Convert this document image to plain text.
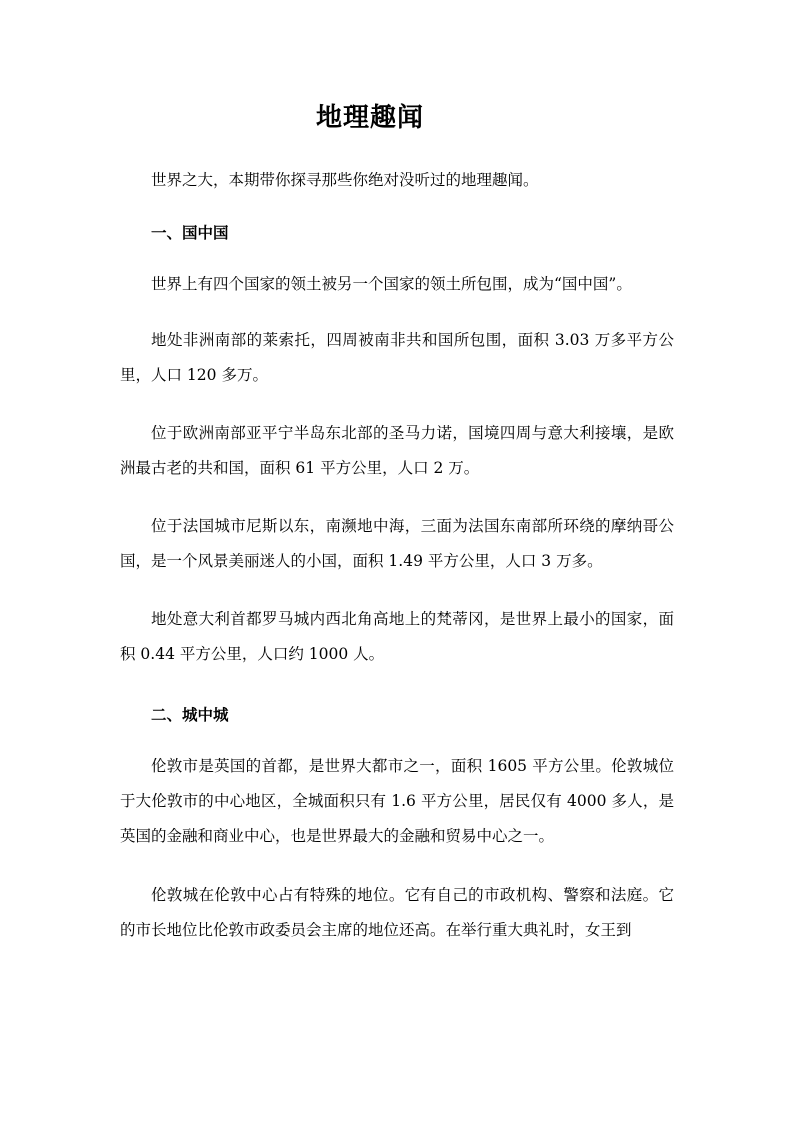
地理趣闻

世界之大，本期带你探寻那些你绝对没听过的地理趣闻。

一、国中国

世界上有四个国家的领土被另一个国家的领土所包围，成为“国中国”。

地处非洲南部的莱索托，四周被南非共和国所包围，面积 3.03 万多平方公里，人口 120 多万。

位于欧洲南部亚平宁半岛东北部的圣马力诺，国境四周与意大利接壤，是欧洲最古老的共和国，面积 61 平方公里，人口 2 万。

位于法国城市尼斯以东，南濒地中海，三面为法国东南部所环绕的摩纳哥公国，是一个风景美丽迷人的小国，面积 1.49 平方公里，人口 3 万多。

地处意大利首都罗马城内西北角高地上的梵蒂冈，是世界上最小的国家，面积 0.44 平方公里，人口约 1000 人。

二、城中城

伦敦市是英国的首都，是世界大都市之一，面积 1605 平方公里。伦敦城位于大伦敦市的中心地区，全城面积只有 1.6 平方公里，居民仅有 4000 多人，是英国的金融和商业中心，也是世界最大的金融和贸易中心之一。

伦敦城在伦敦中心占有特殊的地位。它有自己的市政机构、警察和法庭。它的市长地位比伦敦市政委员会主席的地位还高。在举行重大典礼时，女王到
